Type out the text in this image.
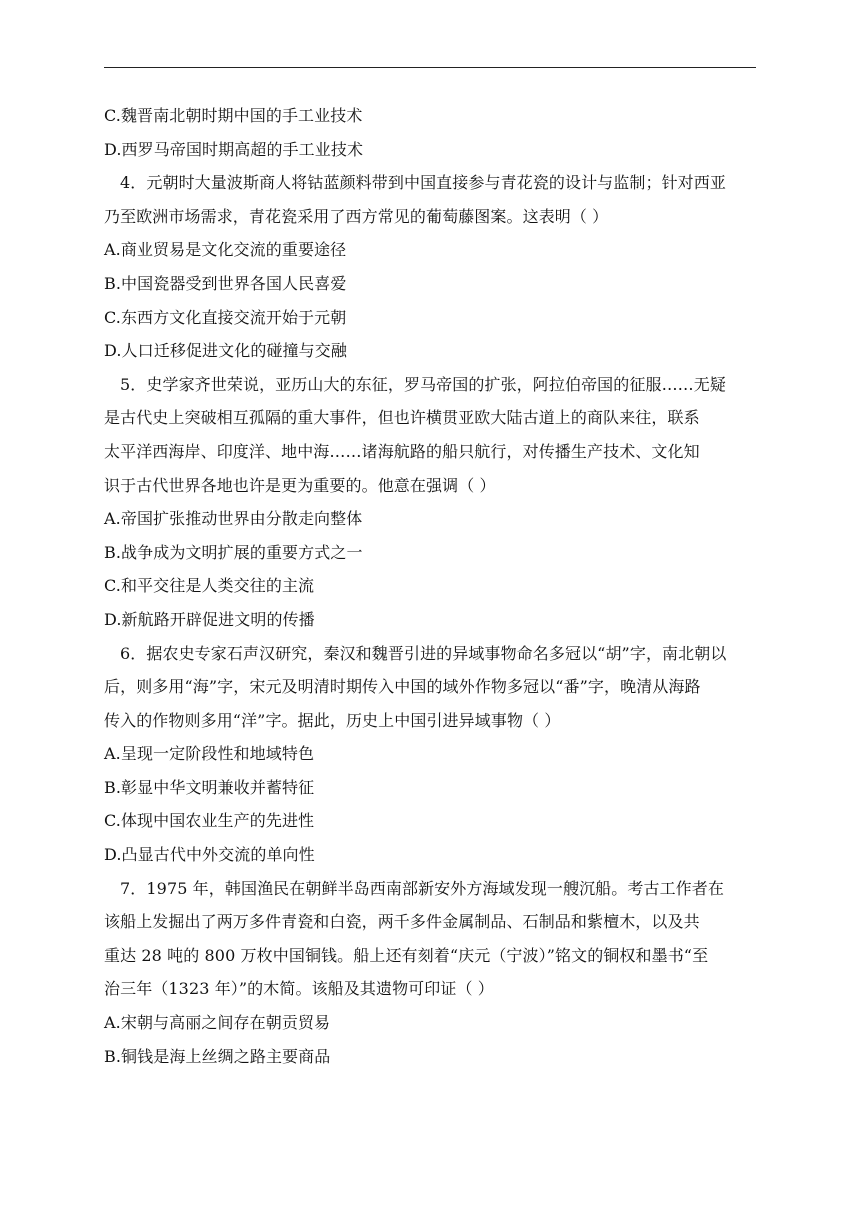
C.魏晋南北朝时期中国的手工业技术
D.西罗马帝国时期高超的手工业技术
4．元朝时大量波斯商人将钴蓝颜料带到中国直接参与青花瓷的设计与监制；针对西亚
乃至欧洲市场需求，青花瓷采用了西方常见的葡萄藤图案。这表明（ ）
A.商业贸易是文化交流的重要途径
B.中国瓷器受到世界各国人民喜爱
C.东西方文化直接交流开始于元朝
D.人口迁移促进文化的碰撞与交融
5．史学家齐世荣说，亚历山大的东征，罗马帝国的扩张，阿拉伯帝国的征服……无疑
是古代史上突破相互孤隔的重大事件，但也许横贯亚欧大陆古道上的商队来往，联系
太平洋西海岸、印度洋、地中海……诸海航路的船只航行，对传播生产技术、文化知
识于古代世界各地也许是更为重要的。他意在强调（ ）
A.帝国扩张推动世界由分散走向整体
B.战争成为文明扩展的重要方式之一
C.和平交往是人类交往的主流
D.新航路开辟促进文明的传播
6．据农史专家石声汉研究，秦汉和魏晋引进的异域事物命名多冠以“胡”字，南北朝以
后，则多用“海”字，宋元及明清时期传入中国的域外作物多冠以“番”字，晚清从海路
传入的作物则多用“洋”字。据此，历史上中国引进异域事物（ ）
A.呈现一定阶段性和地域特色
B.彰显中华文明兼收并蓄特征
C.体现中国农业生产的先进性
D.凸显古代中外交流的单向性
7．1975 年，韩国渔民在朝鲜半岛西南部新安外方海域发现一艘沉船。考古工作者在
该船上发掘出了两万多件青瓷和白瓷，两千多件金属制品、石制品和紫檀木，以及共
重达 28 吨的 800 万枚中国铜钱。船上还有刻着“庆元（宁波）”铭文的铜权和墨书“至
治三年（1323 年）”的木简。该船及其遗物可印证（ ）
A.宋朝与高丽之间存在朝贡贸易
B.铜钱是海上丝绸之路主要商品
